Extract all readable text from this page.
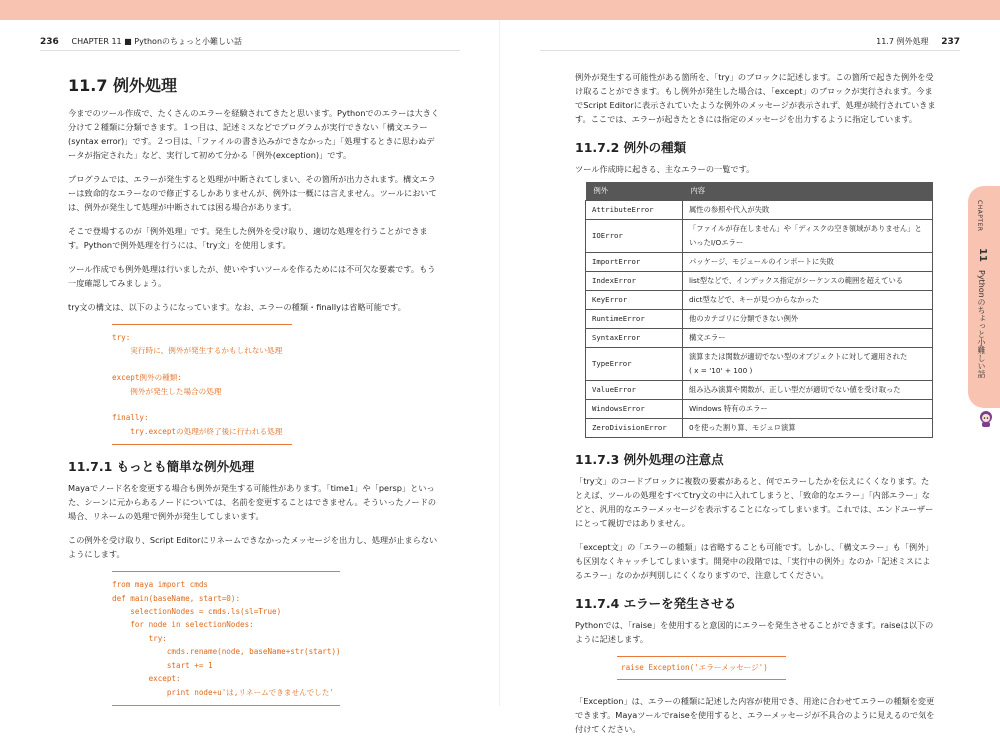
236 CHAPTER 11 ■ Pythonのちょっと小難しい話	11.7 例外処理 237
11.7 例外処理

今までのツール作成で、たくさんのエラーを経験されてきたと思います。Pythonでのエラーは大きく分けて２種類に分類できます。１つ目は、記述ミスなどでプログラムが実行できない「構文エラー(syntax error)」です。２つ目は、「ファイルの書き込みができなかった」「処理するときに思わぬデータが指定された」など、実行して初めて分かる「例外(exception)」です。

プログラムでは、エラーが発生すると処理が中断されてしまい、その箇所が出力されます。構文エラーは致命的なエラーなので修正するしかありませんが、例外は一概には言えません。ツールにおいては、例外が発生して処理が中断されては困る場合があります。

そこで登場するのが「例外処理」です。発生した例外を受け取り、適切な処理を行うことができます。Pythonで例外処理を行うには、「try文」を使用します。

ツール作成でも例外処理は行いましたが、使いやすいツールを作るためには不可欠な要素です。もう一度確認してみましょう。

try文の構文は、以下のようになっています。なお、エラーの種類・finallyは省略可能です。

try:
実行時に、例外が発生するかもしれない処理

except例外の種類:
例外が発生した場合の処理

finally:
try.exceptの処理が終了後に行われる処理
11.7.1 もっとも簡単な例外処理

Mayaでノード名を変更する場合も例外が発生する可能性があります。「time1」や「persp」といった、シーンに元からあるノードについては、名前を変更することはできません。そういったノードの場合、リネームの処理で例外が発生してしまいます。

この例外を受け取り、Script Editorにリネームできなかったメッセージを出力し、処理が止まらないようにします。

from maya import cmds
def main(baseName, start=0):
selectionNodes = cmds.ls(sl=True)
for node in selectionNodes:
try:
cmds.rename(node, baseName+str(start))
start += 1
except:
print node+u'は,リネームできませんでした'

例外が発生する可能性がある箇所を、「try」のブロックに記述します。この箇所で起きた例外を受け取ることができます。もし例外が発生した場合は、「except」のブロックが実行されます。今までScript Editorに表示されていたような例外のメッセージが表示されず、処理が続行されていきます。ここでは、エラーが起きたときには指定のメッセージを出力するように指定しています。

11.7.2 例外の種類

ツール作成時に起きる、主なエラーの一覧です。

例外	内容
AttributeError	属性の参照や代入が失敗
IOError	「ファイルが存在しません」や「ディスクの空き領域がありません」といったI/Oエラー
ImportError	パッケージ、モジュールのインポートに失敗
IndexError	list型などで、インデックス指定がシーケンスの範囲を超えている
KeyError	dict型などで、キーが見つからなかった
RuntimeError	他のカテゴリに分類できない例外
SyntaxError	構文エラー
TypeError	演算または関数が適切でない型のオブジェクトに対して適用された
( x = '10' + 100 )
ValueError	組み込み演算や関数が、正しい型だが適切でない値を受け取った
WindowsError	Windows 特有のエラー
ZeroDivisionError	0を使った割り算、モジュロ演算
11.7.3 例外処理の注意点

「try文」のコードブロックに複数の要素があると、何でエラーしたかを伝えにくくなります。たとえば、ツールの処理をすべてtry文の中に入れてしまうと、「致命的なエラー」「内部エラー」などと、汎用的なエラーメッセージを表示することになってしまいます。これでは、エンドユーザーにとって親切ではありません。

「except文」の「エラーの種類」は省略することも可能です。しかし、「構文エラー」も「例外」も区別なくキャッチしてしまいます。開発中の段階では、「実行中の例外」なのか「記述ミスによるエラー」なのかが判別しにくくなりますので、注意してください。

11.7.4 エラーを発生させる

Pythonでは、「raise」を使用すると意図的にエラーを発生させることができます。raiseは以下のように記述します。

raise Exception('エラーメッセージ')

「Exception」は、エラーの種類に記述した内容が使用でき、用途に合わせてエラーの種類を変更できます。Mayaツールでraiseを使用すると、エラーメッセージが不具合のように見えるので気を付けてください。

CHAPTER
11
Pythonのちょっと小難しい話
